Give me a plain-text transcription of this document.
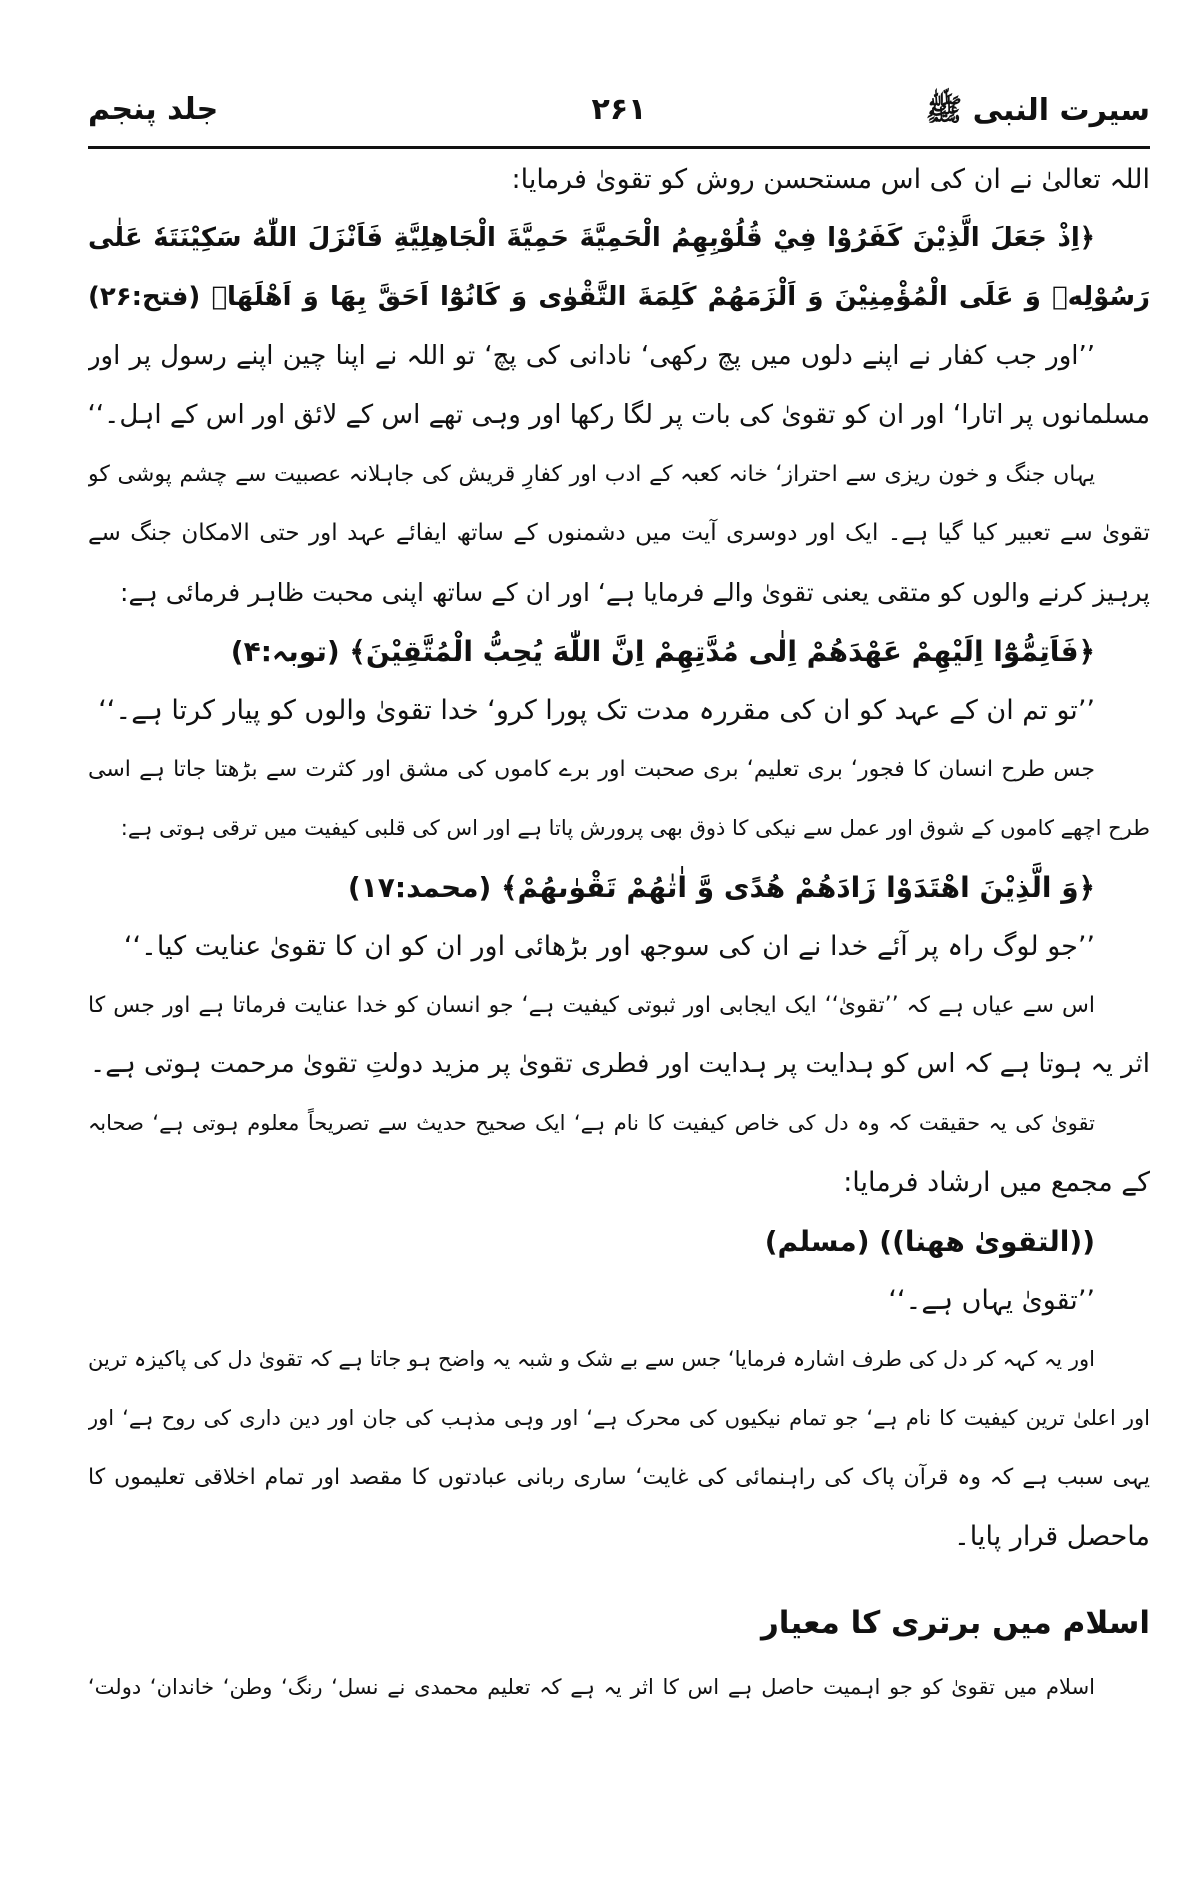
سیرت النبی ﷺ
۲۶۱
جلد پنجم
اللہ تعالیٰ نے ان کی اس مستحسن روش کو تقویٰ فرمایا:
﴿اِذْ جَعَلَ الَّذِيْنَ كَفَرُوْا فِيْ قُلُوْبِهِمُ الْحَمِيَّةَ حَمِيَّةَ الْجَاهِلِيَّةِ فَاَنْزَلَ اللّٰهُ سَكِيْنَتَهٗ عَلٰى
رَسُوْلِهٖ وَ عَلَى الْمُؤْمِنِيْنَ وَ اَلْزَمَهُمْ كَلِمَةَ التَّقْوٰى وَ كَانُوْٓا اَحَقَّ بِهَا وَ اَهْلَهَا﴾ (فتح:۲۶)
’’اور جب کفار نے اپنے دلوں میں پچ رکھی‘ نادانی کی پچ‘ تو اللہ نے اپنا چین اپنے رسول پر اور
مسلمانوں پر اتارا‘ اور ان کو تقویٰ کی بات پر لگا رکھا اور وہی تھے اس کے لائق اور اس کے اہل۔‘‘
یہاں جنگ و خون ریزی سے احتراز‘ خانہ کعبہ کے ادب اور کفارِ قریش کی جاہلانہ عصبیت سے چشم پوشی کو
تقویٰ سے تعبیر کیا گیا ہے۔ ایک اور دوسری آیت میں دشمنوں کے ساتھ ایفائے عہد اور حتی الامکان جنگ سے
پرہیز کرنے والوں کو متقی یعنی تقویٰ والے فرمایا ہے‘ اور ان کے ساتھ اپنی محبت ظاہر فرمائی ہے:
﴿فَاَتِمُّوْٓا اِلَيْهِمْ عَهْدَهُمْ اِلٰى مُدَّتِهِمْ اِنَّ اللّٰهَ يُحِبُّ الْمُتَّقِيْنَ﴾ (توبہ:۴)
’’تو تم ان کے عہد کو ان کی مقررہ مدت تک پورا کرو‘ خدا تقویٰ والوں کو پیار کرتا ہے۔‘‘
جس طرح انسان کا فجور‘ بری تعلیم‘ بری صحبت اور برے کاموں کی مشق اور کثرت سے بڑھتا جاتا ہے اسی
طرح اچھے کاموں کے شوق اور عمل سے نیکی کا ذوق بھی پرورش پاتا ہے اور اس کی قلبی کیفیت میں ترقی ہوتی ہے:
﴿وَ الَّذِيْنَ اهْتَدَوْا زَادَهُمْ هُدًى وَّ اٰتٰهُمْ تَقْوٰىهُمْ﴾ (محمد:۱۷)
’’جو لوگ راہ پر آئے خدا نے ان کی سوجھ اور بڑھائی اور ان کو ان کا تقویٰ عنایت کیا۔‘‘
اس سے عیاں ہے کہ ’’تقویٰ‘‘ ایک ایجابی اور ثبوتی کیفیت ہے‘ جو انسان کو خدا عنایت فرماتا ہے اور جس کا
اثر یہ ہوتا ہے کہ اس کو ہدایت پر ہدایت اور فطری تقویٰ پر مزید دولتِ تقویٰ مرحمت ہوتی ہے۔
تقویٰ کی یہ حقیقت کہ وہ دل کی خاص کیفیت کا نام ہے‘ ایک صحیح حدیث سے تصریحاً معلوم ہوتی ہے‘ صحابہ
کے مجمع میں ارشاد فرمایا:
((التقویٰ ھھنا)) (مسلم)
’’تقویٰ یہاں ہے۔‘‘
اور یہ کہہ کر دل کی طرف اشارہ فرمایا‘ جس سے بے شک و شبہ یہ واضح ہو جاتا ہے کہ تقویٰ دل کی پاکیزہ ترین
اور اعلیٰ ترین کیفیت کا نام ہے‘ جو تمام نیکیوں کی محرک ہے‘ اور وہی مذہب کی جان اور دین داری کی روح ہے‘ اور
یہی سبب ہے کہ وہ قرآن پاک کی راہنمائی کی غایت‘ ساری ربانی عبادتوں کا مقصد اور تمام اخلاقی تعلیموں کا
ماحصل قرار پایا۔
اسلام میں برتری کا معیار
اسلام میں تقویٰ کو جو اہمیت حاصل ہے اس کا اثر یہ ہے کہ تعلیم محمدی نے نسل‘ رنگ‘ وطن‘ خاندان‘ دولت‘
